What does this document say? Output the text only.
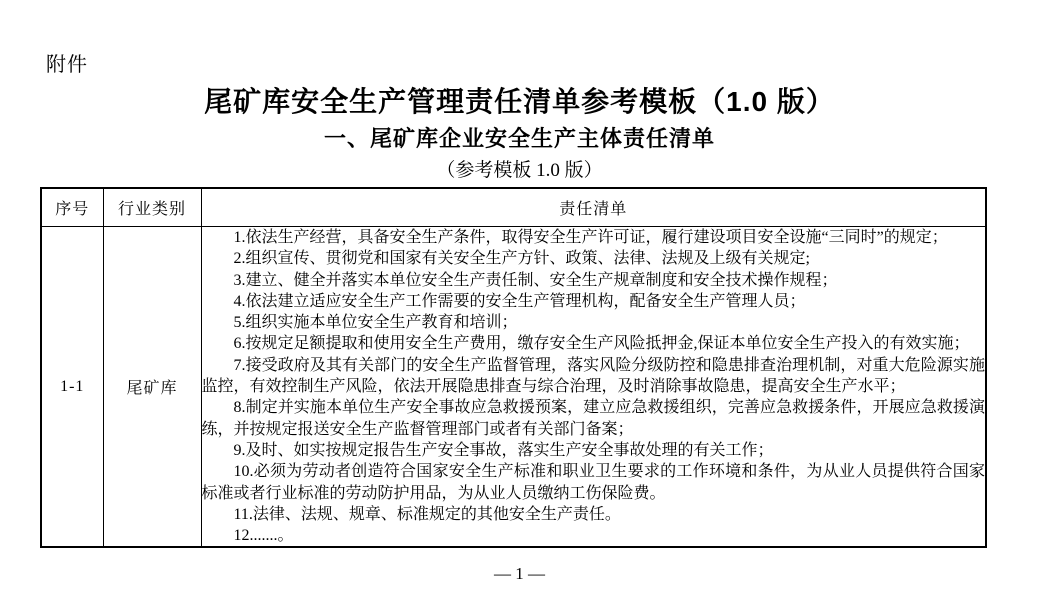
附件
尾矿库安全生产管理责任清单参考模板（1.0 版）
一、尾矿库企业安全生产主体责任清单
（参考模板 1.0 版）
序号	行业类别	责任清单
1-1	尾矿库	

1.依法生产经营，具备安全生产条件，取得安全生产许可证，履行建设项目安全设施“三同时”的规定；

2.组织宣传、贯彻党和国家有关安全生产方针、政策、法律、法规及上级有关规定;

3.建立、健全并落实本单位安全生产责任制、安全生产规章制度和安全技术操作规程；

4.依法建立适应安全生产工作需要的安全生产管理机构，配备安全生产管理人员；

5.组织实施本单位安全生产教育和培训；

6.按规定足额提取和使用安全生产费用，缴存安全生产风险抵押金,保证本单位安全生产投入的有效实施；

7.接受政府及其有关部门的安全生产监督管理，落实风险分级防控和隐患排查治理机制，对重大危险源实施监控，有效控制生产风险，依法开展隐患排查与综合治理，及时消除事故隐患，提高安全生产水平；

8.制定并实施本单位生产安全事故应急救援预案，建立应急救援组织，完善应急救援条件，开展应急救援演练，并按规定报送安全生产监督管理部门或者有关部门备案；

9.及时、如实按规定报告生产安全事故，落实生产安全事故处理的有关工作；

10.必须为劳动者创造符合国家安全生产标准和职业卫生要求的工作环境和条件，为从业人员提供符合国家标准或者行业标准的劳动防护用品，为从业人员缴纳工伤保险费。

11.法律、法规、规章、标准规定的其他安全生产责任。

12.......。

— 1 —
